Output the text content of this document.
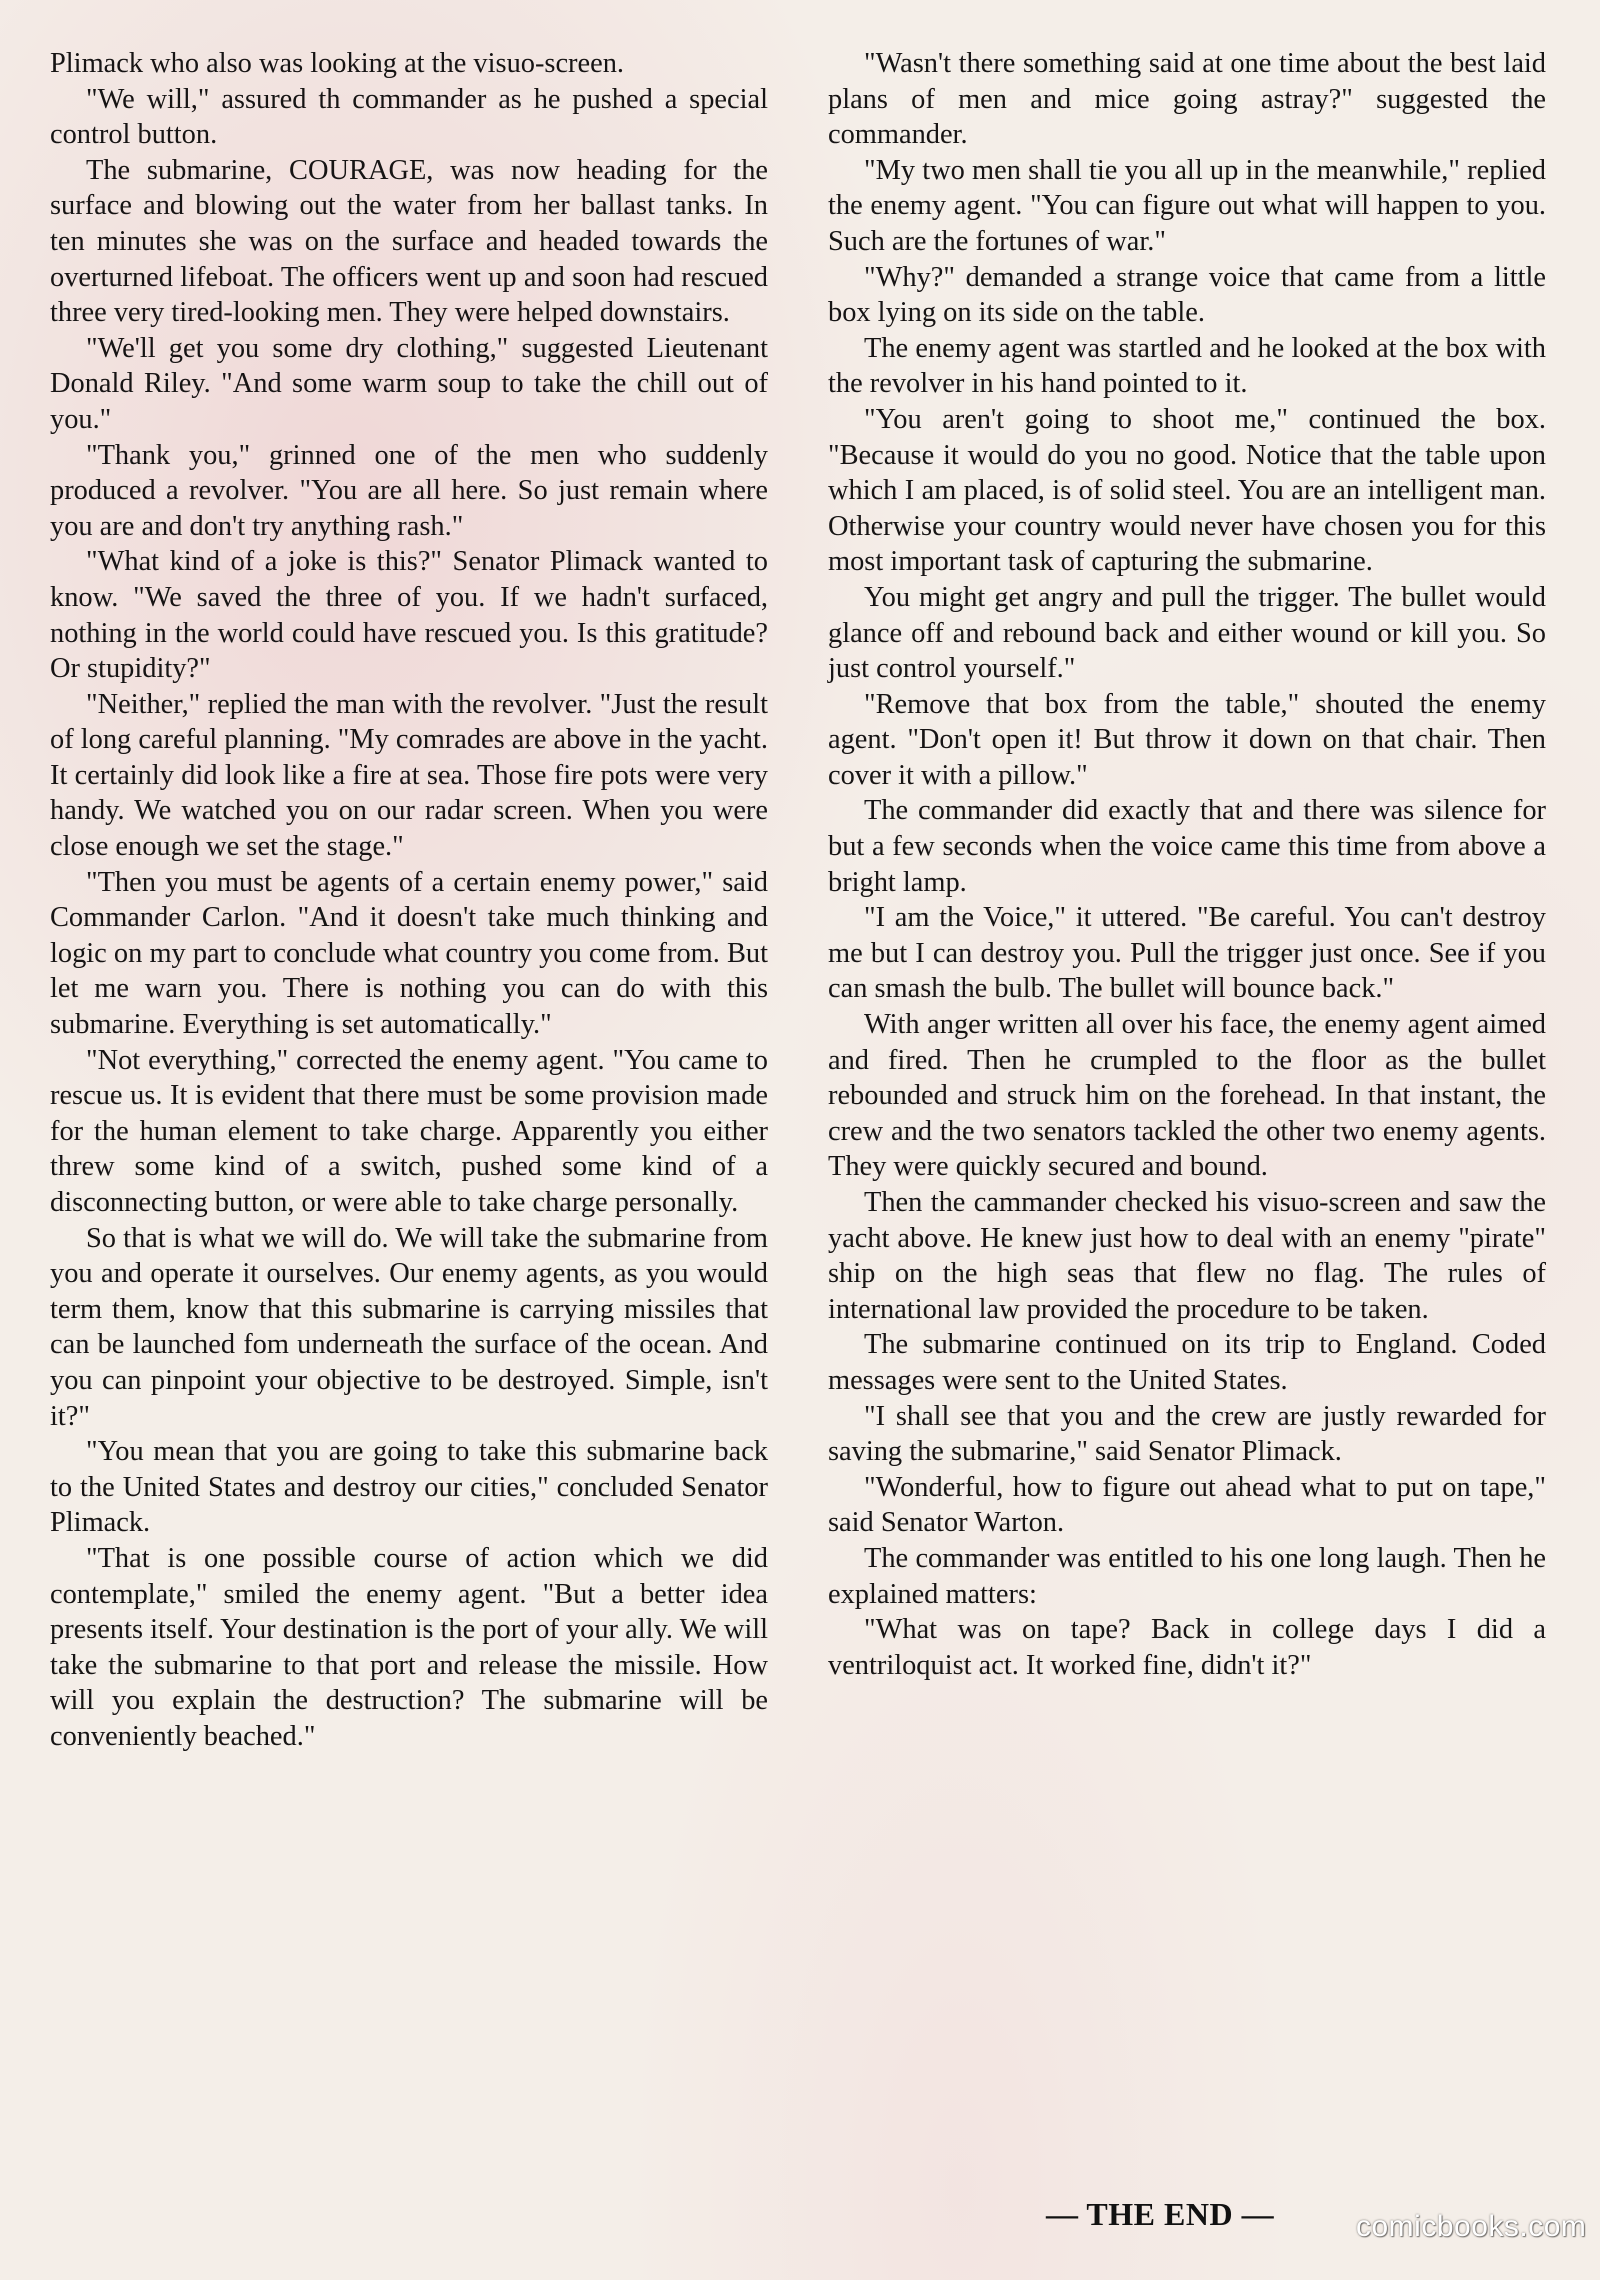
Plimack who also was looking at the visuo-screen.

"We will," assured th commander as he pushed a special control button.

The submarine, COURAGE, was now heading for the surface and blowing out the water from her ballast tanks. In ten minutes she was on the surface and headed towards the overturned lifeboat. The officers went up and soon had rescued three very tired-looking men. They were helped downstairs.

"We'll get you some dry clothing," suggested Lieutenant Donald Riley. "And some warm soup to take the chill out of you."

"Thank you," grinned one of the men who suddenly produced a revolver. "You are all here. So just remain where you are and don't try anything rash."

"What kind of a joke is this?" Senator Plimack wanted to know. "We saved the three of you. If we hadn't surfaced, nothing in the world could have rescued you. Is this gratitude? Or stupidity?"

"Neither," replied the man with the revolver. "Just the result of long careful planning. "My comrades are above in the yacht. It certainly did look like a fire at sea. Those fire pots were very handy. We watched you on our radar screen. When you were close enough we set the stage."

"Then you must be agents of a certain enemy power," said Commander Carlon. "And it doesn't take much thinking and logic on my part to conclude what country you come from. But let me warn you. There is nothing you can do with this submarine. Everything is set automatically."

"Not everything," corrected the enemy agent. "You came to rescue us. It is evident that there must be some provision made for the human element to take charge. Apparently you either threw some kind of a switch, pushed some kind of a disconnecting button, or were able to take charge personally.

So that is what we will do. We will take the submarine from you and operate it ourselves. Our enemy agents, as you would term them, know that this submarine is carrying missiles that can be launched fom underneath the surface of the ocean. And you can pinpoint your objective to be destroyed. Simple, isn't it?"

"You mean that you are going to take this submarine back to the United States and destroy our cities," concluded Senator Plimack.

"That is one possible course of action which we did contemplate," smiled the enemy agent. "But a better idea presents itself. Your destination is the port of your ally. We will take the submarine to that port and release the missile. How will you explain the destruction? The submarine will be conveniently beached."

"Wasn't there something said at one time about the best laid plans of men and mice going astray?" suggested the commander.

"My two men shall tie you all up in the meanwhile," replied the enemy agent. "You can figure out what will happen to you. Such are the fortunes of war."

"Why?" demanded a strange voice that came from a little box lying on its side on the table.

The enemy agent was startled and he looked at the box with the revolver in his hand pointed to it.

"You aren't going to shoot me," continued the box. "Because it would do you no good. Notice that the table upon which I am placed, is of solid steel. You are an intelligent man. Otherwise your country would never have chosen you for this most important task of capturing the submarine.

You might get angry and pull the trigger. The bullet would glance off and rebound back and either wound or kill you. So just control yourself."

"Remove that box from the table," shouted the enemy agent. "Don't open it! But throw it down on that chair. Then cover it with a pillow."

The commander did exactly that and there was silence for but a few seconds when the voice came this time from above a bright lamp.

"I am the Voice," it uttered. "Be careful. You can't destroy me but I can destroy you. Pull the trigger just once. See if you can smash the bulb. The bullet will bounce back."

With anger written all over his face, the enemy agent aimed and fired. Then he crumpled to the floor as the bullet rebounded and struck him on the forehead. In that instant, the crew and the two senators tackled the other two enemy agents. They were quickly secured and bound.

Then the cammander checked his visuo-screen and saw the yacht above. He knew just how to deal with an enemy "pirate" ship on the high seas that flew no flag. The rules of international law provided the procedure to be taken.

The submarine continued on its trip to England. Coded messages were sent to the United States.

"I shall see that you and the crew are justly rewarded for saving the submarine," said Senator Plimack.

"Wonderful, how to figure out ahead what to put on tape," said Senator Warton.

The commander was entitled to his one long laugh. Then he explained matters:

"What was on tape? Back in college days I did a ventriloquist act. It worked fine, didn't it?"

— THE END —	comicbooks.com
